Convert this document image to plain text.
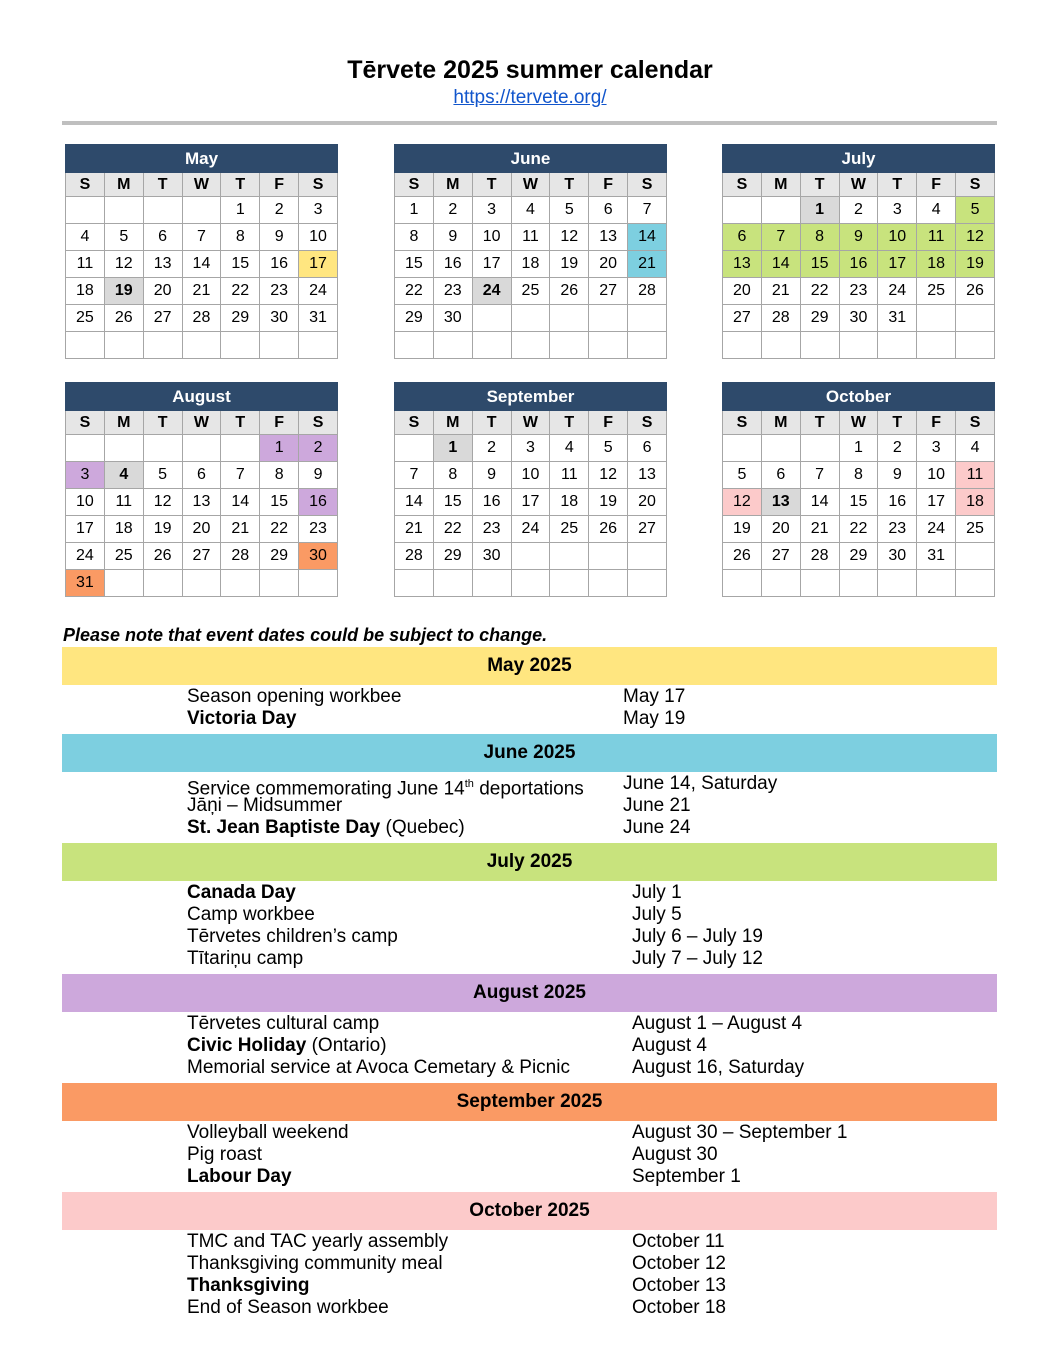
Tērvete 2025 summer calendar
https://tervete.org/
May						
S	M	T	W	T	F	S
				1	2	3
4	5	6	7	8	9	10
11	12	13	14	15	16	17
18	19	20	21	22	23	24
25	26	27	28	29	30	31

June						
S	M	T	W	T	F	S
1	2	3	4	5	6	7
8	9	10	11	12	13	14
15	16	17	18	19	20	21
22	23	24	25	26	27	28
29	30					

July						
S	M	T	W	T	F	S
		1	2	3	4	5
6	7	8	9	10	11	12
13	14	15	16	17	18	19
20	21	22	23	24	25	26
27	28	29	30	31		

August						
S	M	T	W	T	F	S
					1	2
3	4	5	6	7	8	9
10	11	12	13	14	15	16
17	18	19	20	21	22	23
24	25	26	27	28	29	30
31						
September						
S	M	T	W	T	F	S
	1	2	3	4	5	6
7	8	9	10	11	12	13
14	15	16	17	18	19	20
21	22	23	24	25	26	27
28	29	30				

October						
S	M	T	W	T	F	S
			1	2	3	4
5	6	7	8	9	10	11
12	13	14	15	16	17	18
19	20	21	22	23	24	25
26	27	28	29	30	31	

Please note that event dates could be subject to change.
May 2025
Season opening workbee	May 17
Victoria Day	May 19
June 2025
Service commemorating June 14th deportations	June 14, Saturday
Jāņi – Midsummer	June 21
St. Jean Baptiste Day (Quebec)	June 24
July 2025
Canada Day	July 1
Camp workbee	July 5
Tērvetes children’s camp	July 6 – July 19
Tītariņu camp	July 7 – July 12
August 2025
Tērvetes cultural camp	August 1 – August 4
Civic Holiday (Ontario)	August 4
Memorial service at Avoca Cemetary & Picnic	August 16, Saturday
September 2025
Volleyball weekend	August 30 – September 1
Pig roast	August 30
Labour Day	September 1
October 2025
TMC and TAC yearly assembly	October 11
Thanksgiving community meal	October 12
Thanksgiving	October 13
End of Season workbee	October 18
